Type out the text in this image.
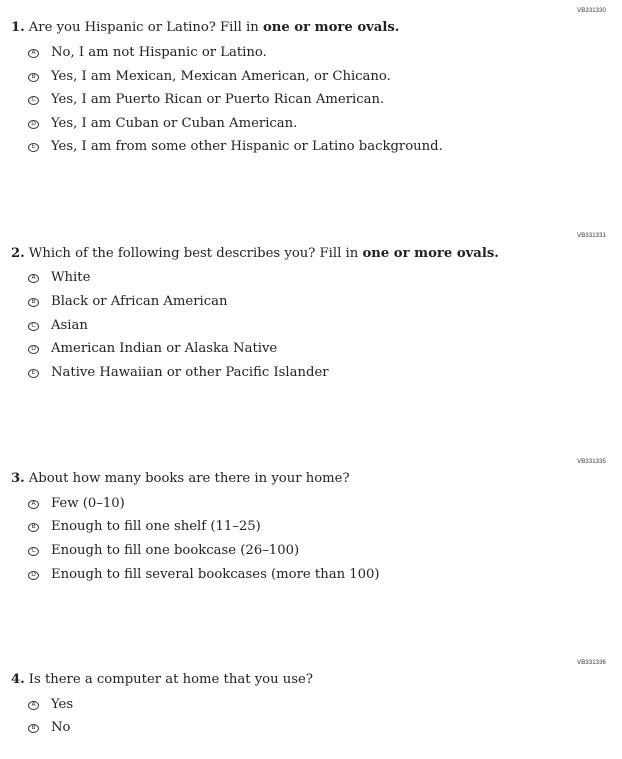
VB331330
1. Are you Hispanic or Latino? Fill in one or more ovals.
A No, I am not Hispanic or Latino.
B Yes, I am Mexican, Mexican American, or Chicano.
C Yes, I am Puerto Rican or Puerto Rican American.
D Yes, I am Cuban or Cuban American.
E Yes, I am from some other Hispanic or Latino background.
VB331331
2. Which of the following best describes you? Fill in one or more ovals.
A White
B Black or African American
C Asian
D American Indian or Alaska Native
E Native Hawaiian or other Pacific Islander
VB331335
3. About how many books are there in your home?
A Few (0–10)
B Enough to fill one shelf (11–25)
C Enough to fill one bookcase (26–100)
D Enough to fill several bookcases (more than 100)
VB331336
4. Is there a computer at home that you use?
A Yes
B No
